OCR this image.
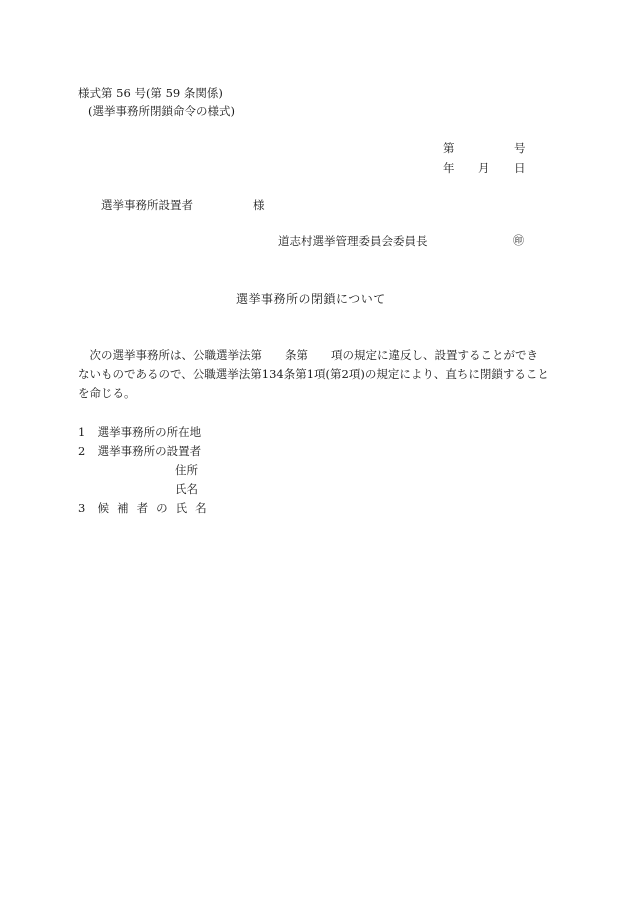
様式第 56 号(第 59 条関係)
(選挙事務所閉鎖命令の様式)
第	号
年 月 日
選挙事務所設置者	様
道志村選挙管理委員会委員長	㊞
選挙事務所の閉鎖について
　次の選挙事務所は、公職選挙法第　　条第　　項の規定に違反し、設置することができ
ないものであるので、公職選挙法第134条第1項(第2項)の規定により、直ちに閉鎖すること
を命じる。
1 選挙事務所の所在地
2 選挙事務所の設置者
住所
氏名
3 候補者の氏名
